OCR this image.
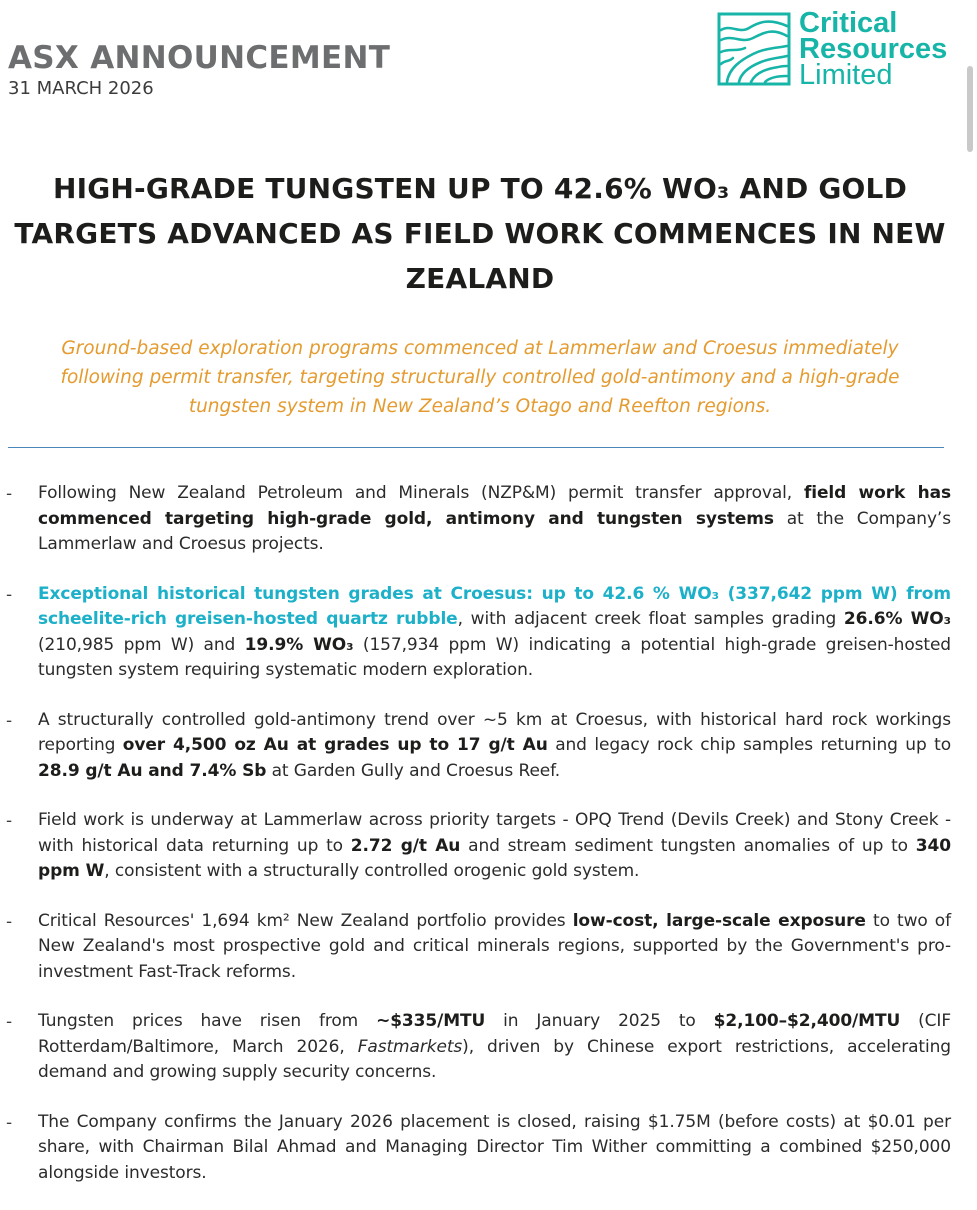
ASX ANNOUNCEMENT
31 MARCH 2026
Critical
Resources
Limited
HIGH-GRADE TUNGSTEN UP TO 42.6% WO₃ AND GOLD
TARGETS ADVANCED AS FIELD WORK COMMENCES IN NEW
ZEALAND
Ground-based exploration programs commenced at Lammerlaw and Croesus immediately following permit transfer, targeting structurally controlled gold-antimony and a high-grade tungsten system in New Zealand’s Otago and Reefton regions.
- Following New Zealand Petroleum and Minerals (NZP&M) permit transfer approval, field work has commenced targeting high-grade gold, antimony and tungsten systems at the Company’s Lammerlaw and Croesus projects.
- Exceptional historical tungsten grades at Croesus: up to 42.6 % WO₃ (337,642 ppm W) from scheelite-rich greisen-hosted quartz rubble, with adjacent creek float samples grading 26.6% WO₃ (210,985 ppm W) and 19.9% WO₃ (157,934 ppm W) indicating a potential high-grade greisen-hosted tungsten system requiring systematic modern exploration.
- A structurally controlled gold-antimony trend over ~5 km at Croesus, with historical hard rock workings reporting over 4,500 oz Au at grades up to 17 g/t Au and legacy rock chip samples returning up to 28.9 g/t Au and 7.4% Sb at Garden Gully and Croesus Reef.
- Field work is underway at Lammerlaw across priority targets - OPQ Trend (Devils Creek) and Stony Creek - with historical data returning up to 2.72 g/t Au and stream sediment tungsten anomalies of up to 340 ppm W, consistent with a structurally controlled orogenic gold system.
- Critical Resources' 1,694 km² New Zealand portfolio provides low-cost, large-scale exposure to two of New Zealand's most prospective gold and critical minerals regions, supported by the Government's pro-investment Fast-Track reforms.
- Tungsten prices have risen from ~$335/MTU in January 2025 to $2,100–$2,400/MTU (CIF Rotterdam/Baltimore, March 2026, Fastmarkets), driven by Chinese export restrictions, accelerating demand and growing supply security concerns.
- The Company confirms the January 2026 placement is closed, raising $1.75M (before costs) at $0.01 per share, with Chairman Bilal Ahmad and Managing Director Tim Wither committing a combined $250,000 alongside investors.
